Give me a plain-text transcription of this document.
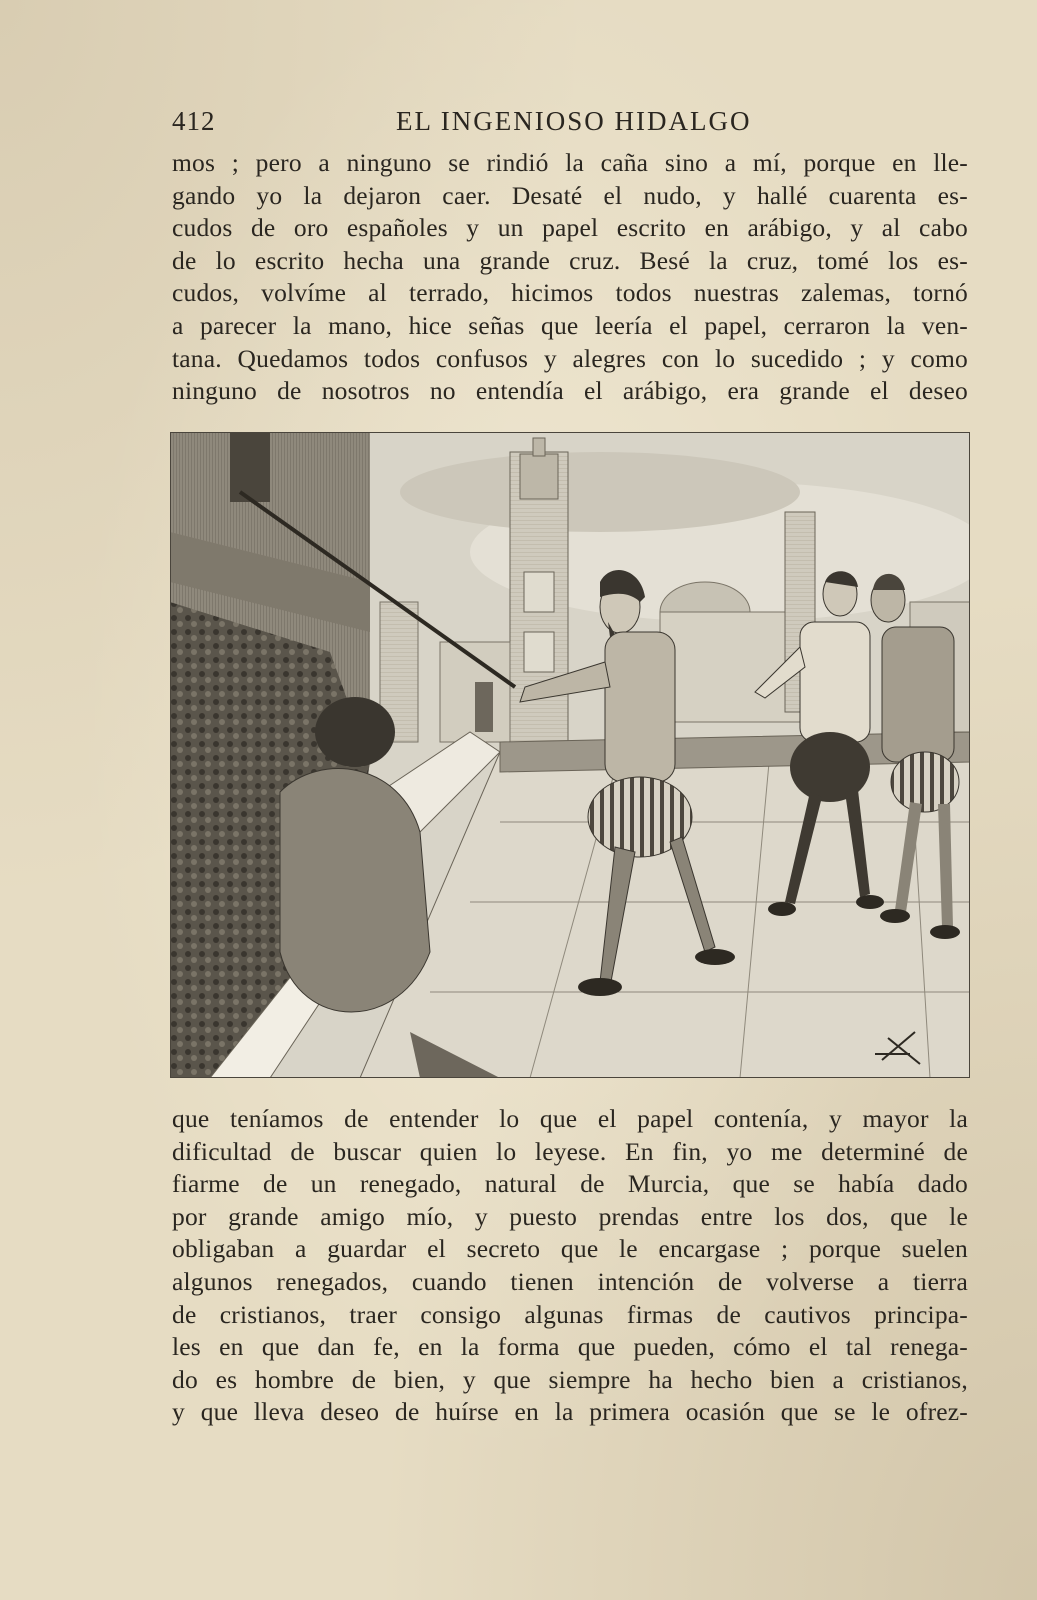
412	EL INGENIOSO HIDALGO

mos ; pero a ninguno se rindió la caña sino a mí, porque en lle-
gando yo la dejaron caer. Desaté el nudo, y hallé cuarenta es-
cudos de oro españoles y un papel escrito en arábigo, y al cabo
de lo escrito hecha una grande cruz. Besé la cruz, tomé los es-
cudos, volvíme al terrado, hicimos todos nuestras zalemas, tornó
a parecer la mano, hice señas que leería el papel, cerraron la ven-
tana. Quedamos todos confusos y alegres con lo sucedido ; y como
ninguno de nosotros no entendía el arábigo, era grande el deseo

que teníamos de entender lo que el papel contenía, y mayor la
dificultad de buscar quien lo leyese. En fin, yo me determiné de
fiarme de un renegado, natural de Murcia, que se había dado
por grande amigo mío, y puesto prendas entre los dos, que le
obligaban a guardar el secreto que le encargase ; porque suelen
algunos renegados, cuando tienen intención de volverse a tierra
de cristianos, traer consigo algunas firmas de cautivos principa-
les en que dan fe, en la forma que pueden, cómo el tal renega-
do es hombre de bien, y que siempre ha hecho bien a cristianos,
y que lleva deseo de huírse en la primera ocasión que se le ofrez-
